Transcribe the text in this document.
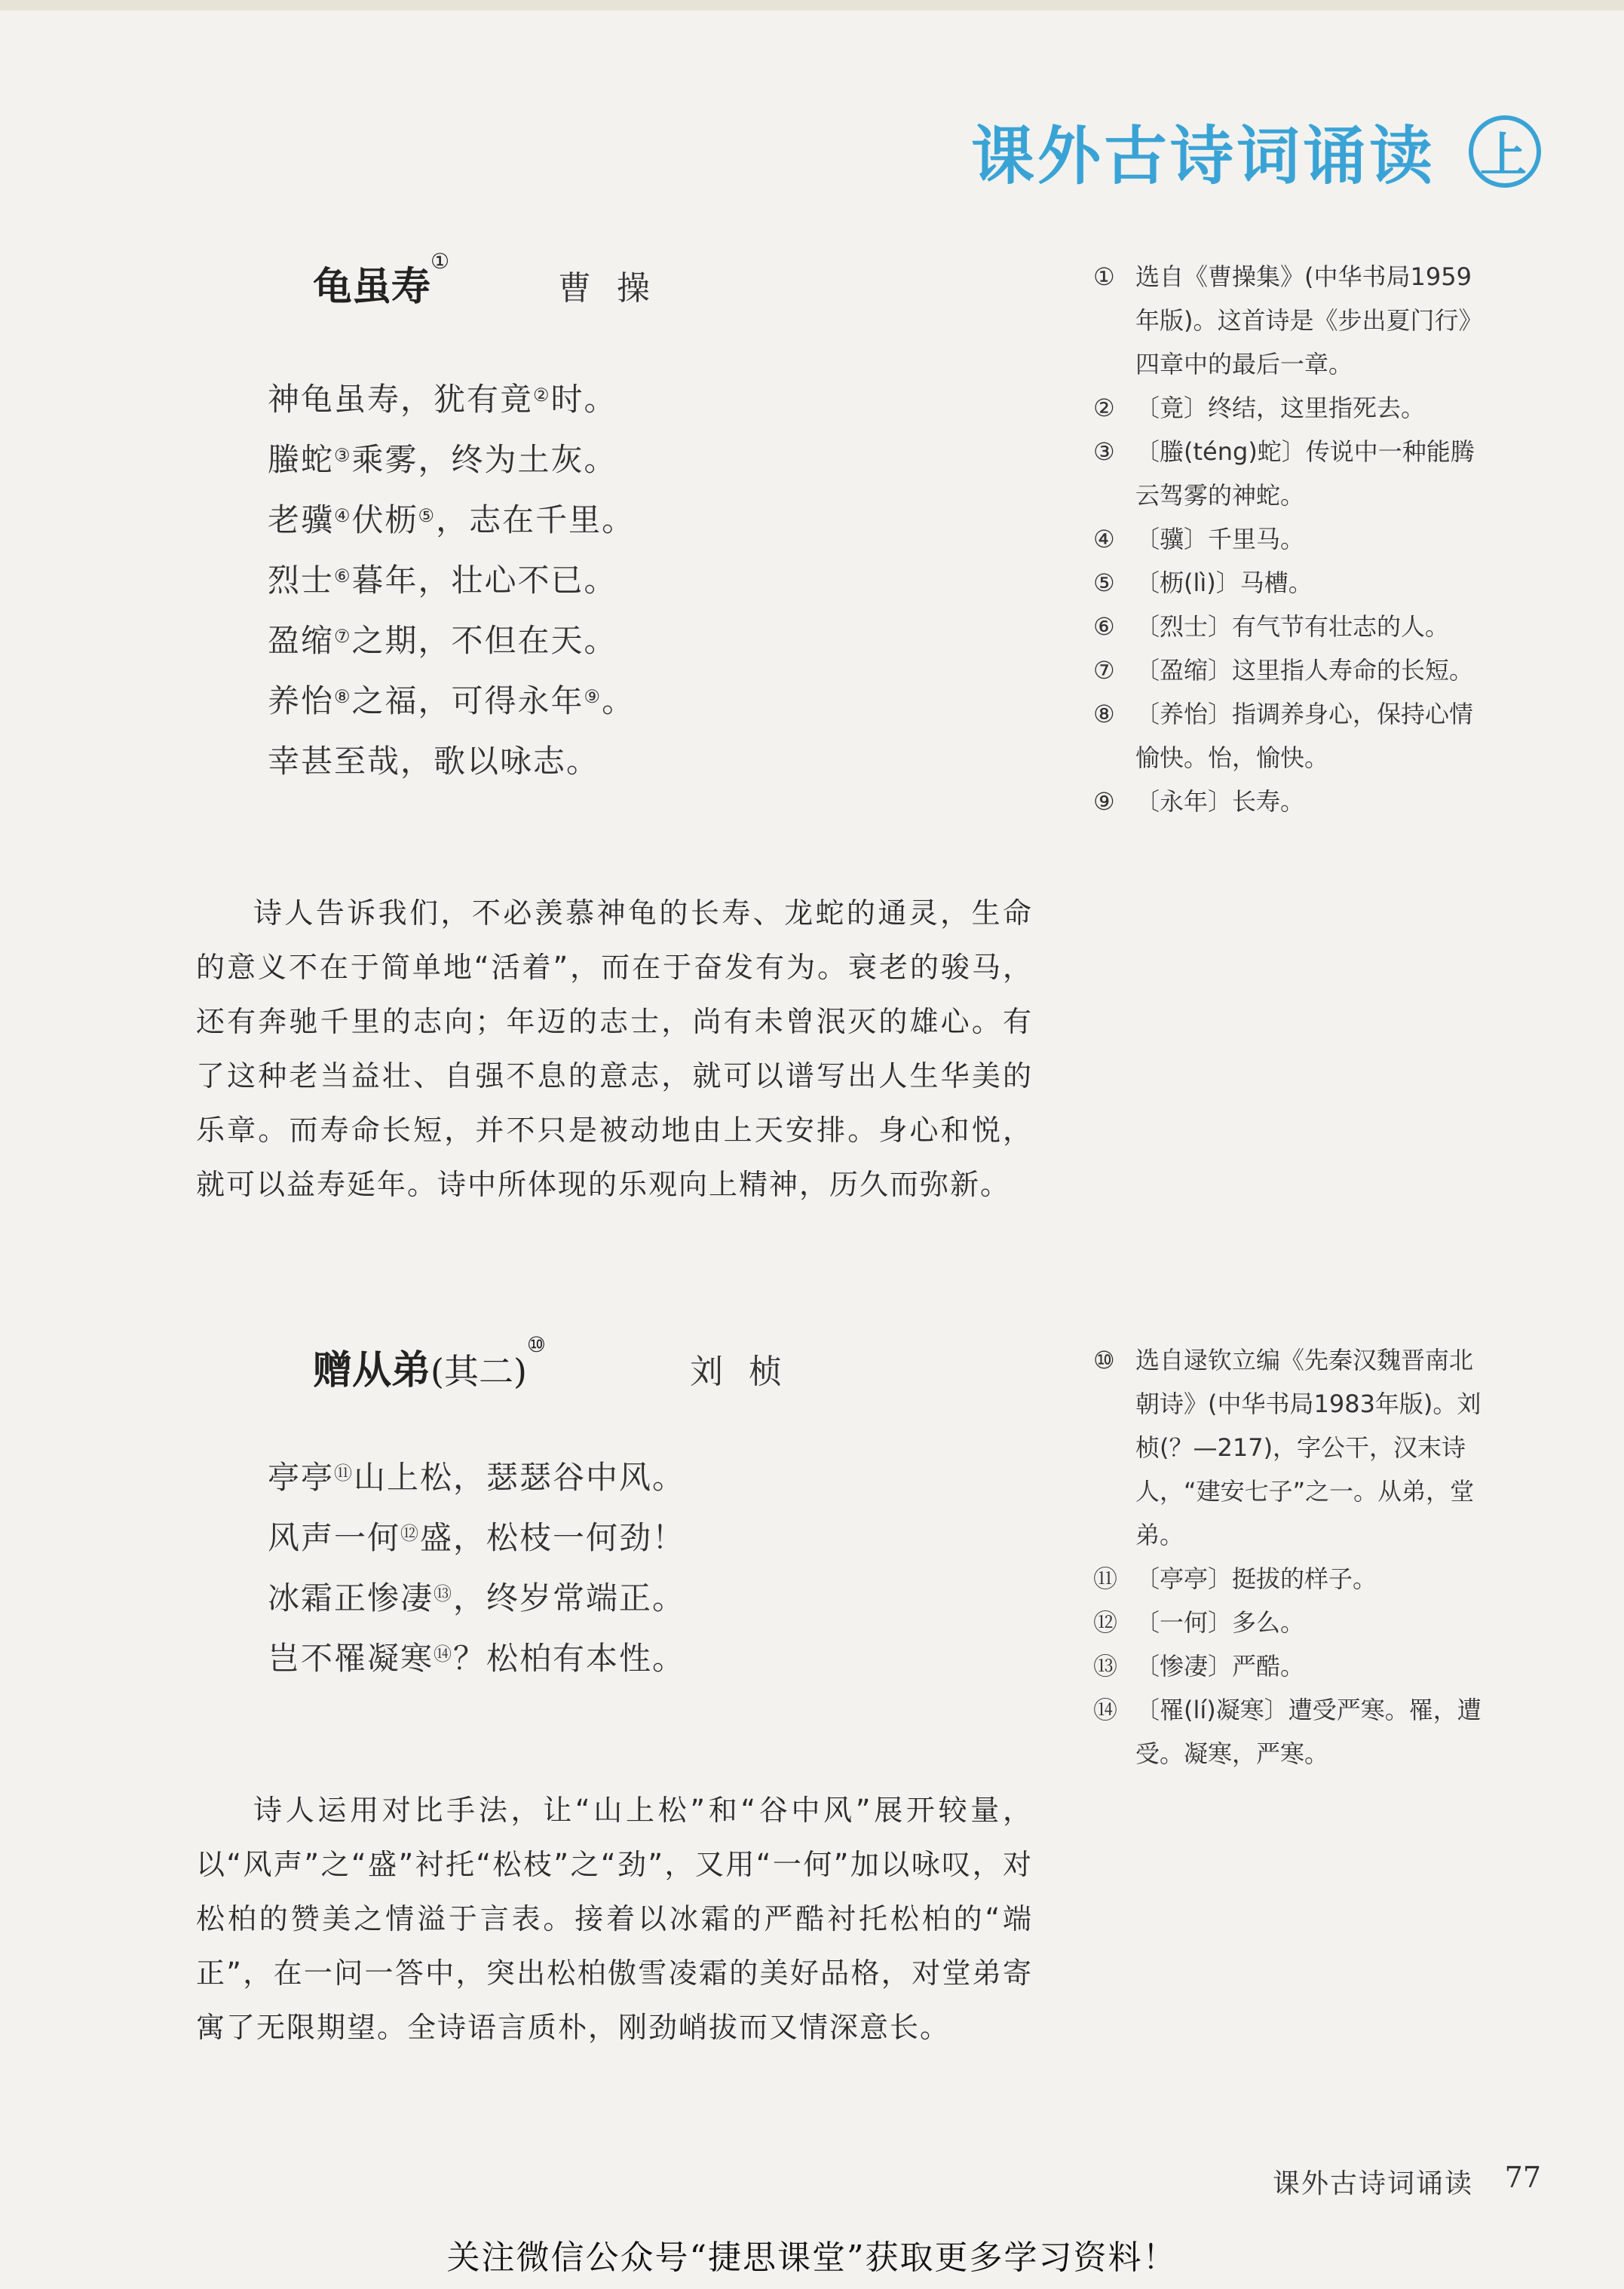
课外古诗词诵读 上
龟虽寿①
曹操
神龟虽寿，犹有竟②时。
螣蛇③乘雾，终为土灰。
老骥④伏枥⑤，志在千里。
烈士⑥暮年，壮心不已。
盈缩⑦之期，不但在天。
养怡⑧之福，可得永年⑨。
幸甚至哉，歌以咏志。
诗人告诉我们，不必羡慕神龟的长寿、龙蛇的通灵，生命的意义不在于简单地“活着”，而在于奋发有为。衰老的骏马，还有奔驰千里的志向；年迈的志士，尚有未曾泯灭的雄心。有了这种老当益壮、自强不息的意志，就可以谱写出人生华美的乐章。而寿命长短，并不只是被动地由上天安排。身心和悦，就可以益寿延年。诗中所体现的乐观向上精神，历久而弥新。
① 选自《曹操集》(中华书局1959年版)。这首诗是《步出夏门行》四章中的最后一章。
② 〔竟〕终结，这里指死去。
③ 〔螣(téng)蛇〕传说中一种能腾云驾雾的神蛇。
④ 〔骥〕千里马。
⑤ 〔枥(lì)〕马槽。
⑥ 〔烈士〕有气节有壮志的人。
⑦ 〔盈缩〕这里指人寿命的长短。
⑧ 〔养怡〕指调养身心，保持心情愉快。怡，愉快。
⑨ 〔永年〕长寿。
赠从弟(其二)⑩
刘桢
亭亭⑪山上松，瑟瑟谷中风。
风声一何⑫盛，松枝一何劲！
冰霜正惨凄⑬，终岁常端正。
岂不罹凝寒⑭？松柏有本性。
诗人运用对比手法，让“山上松”和“谷中风”展开较量，以“风声”之“盛”衬托“松枝”之“劲”，又用“一何”加以咏叹，对松柏的赞美之情溢于言表。接着以冰霜的严酷衬托松柏的“端正”，在一问一答中，突出松柏傲雪凌霜的美好品格，对堂弟寄寓了无限期望。全诗语言质朴，刚劲峭拔而又情深意长。
⑩ 选自逯钦立编《先秦汉魏晋南北朝诗》(中华书局1983年版)。刘桢(？—217)，字公干，汉末诗人，“建安七子”之一。从弟，堂弟。
⑪ 〔亭亭〕挺拔的样子。
⑫ 〔一何〕多么。
⑬ 〔惨凄〕严酷。
⑭ 〔罹(lí)凝寒〕遭受严寒。罹，遭受。凝寒，严寒。
课外古诗词诵读 77
关注微信公众号“捷思课堂”获取更多学习资料！
